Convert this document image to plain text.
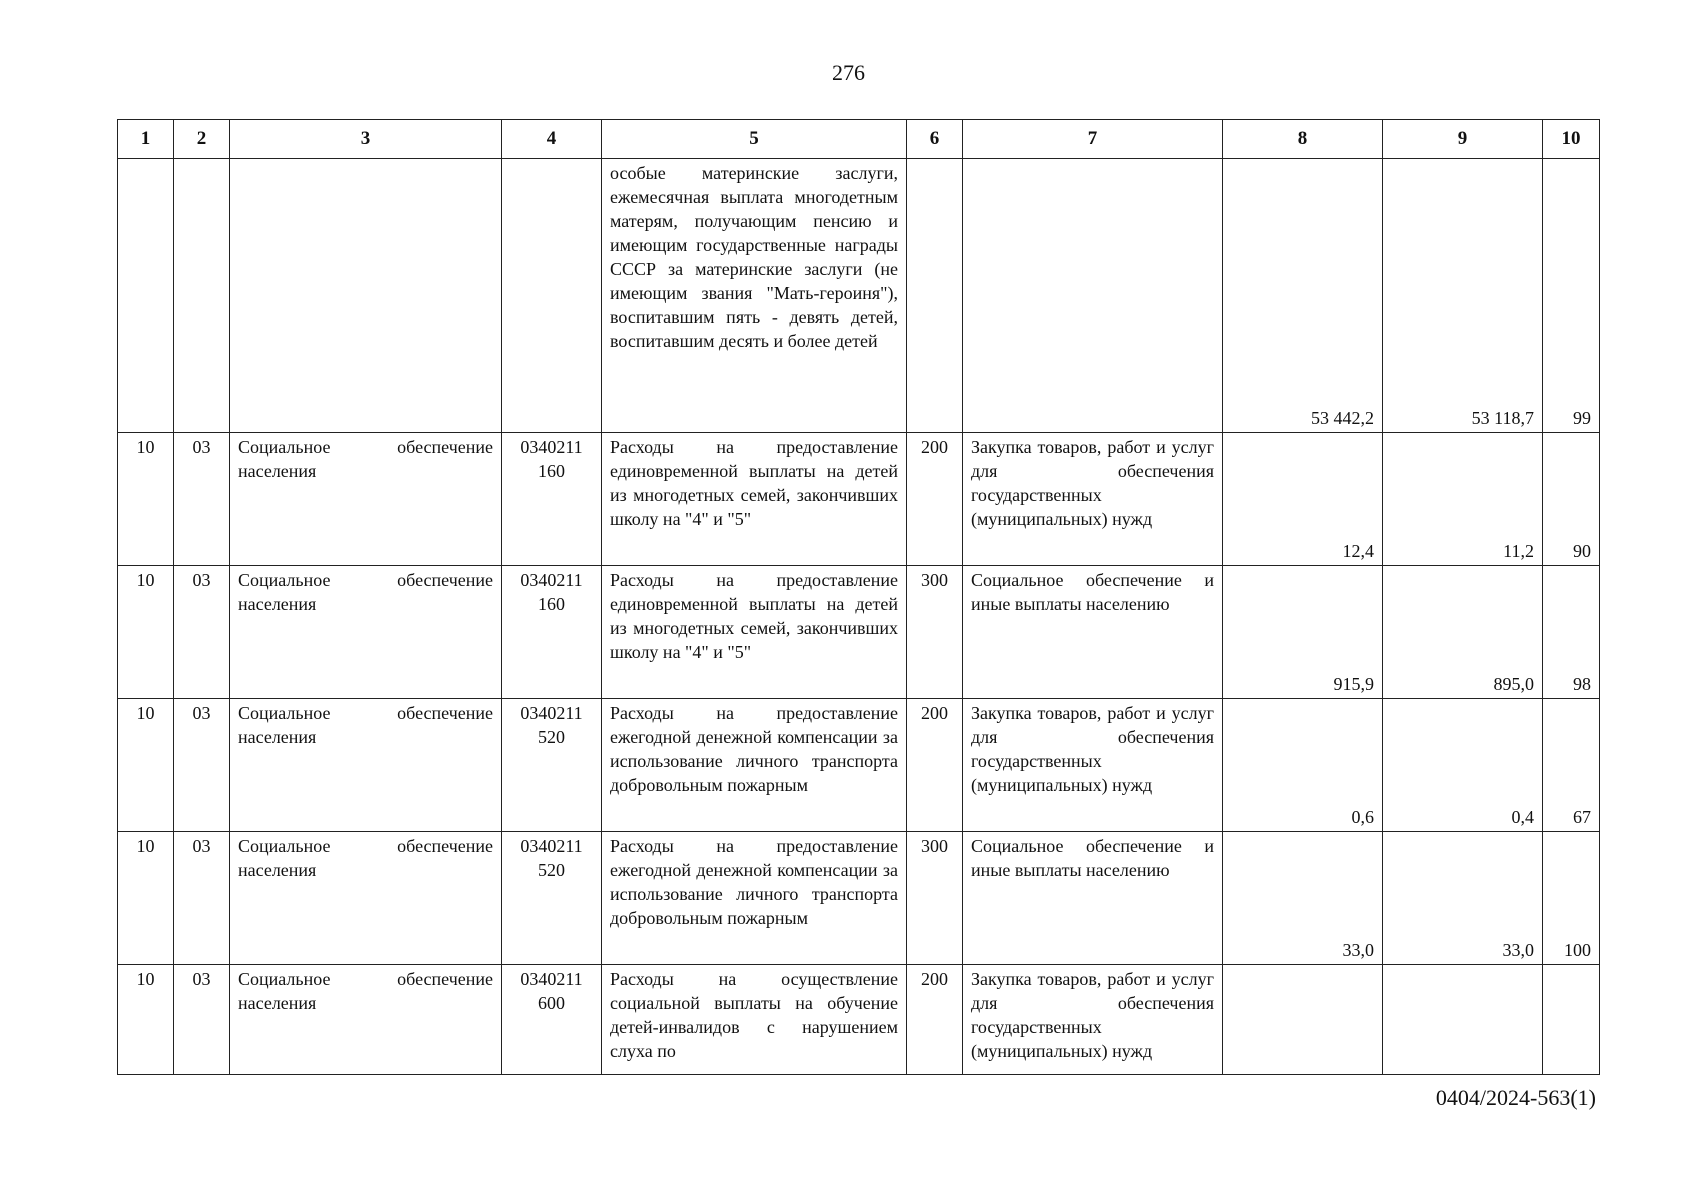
276
1	2	3	4	5	6	7	8	9	10
				особые материнские заслуги, ежемесячная выплата многодетным матерям, получающим пенсию и имеющим государственные награды СССР за материнские заслуги (не имеющим звания "Мать-героиня"), воспитавшим пять - девять детей, воспитавшим десять и более детей			53 442,2	53 118,7	99
10	03	Социальное обеспечение населения	0340211 160	Расходы на предоставление единовременной выплаты на детей из многодетных семей, закончивших школу на "4" и "5"	200	Закупка товаров, работ и услуг для обеспечения государственных (муниципальных) нужд	12,4	11,2	90
10	03	Социальное обеспечение населения	0340211 160	Расходы на предоставление единовременной выплаты на детей из многодетных семей, закончивших школу на "4" и "5"	300	Социальное обеспечение и иные выплаты населению	915,9	895,0	98
10	03	Социальное обеспечение населения	0340211 520	Расходы на предоставление ежегодной денежной компенсации за использование личного транспорта добровольным пожарным	200	Закупка товаров, работ и услуг для обеспечения государственных (муниципальных) нужд	0,6	0,4	67
10	03	Социальное обеспечение населения	0340211 520	Расходы на предоставление ежегодной денежной компенсации за использование личного транспорта добровольным пожарным	300	Социальное обеспечение и иные выплаты населению	33,0	33,0	100
10	03	Социальное обеспечение населения	0340211 600	Расходы на осуществление социальной выплаты на обучение детей-инвалидов с нарушением слуха по	200	Закупка товаров, работ и услуг для обеспечения государственных (муниципальных) нужд			
0404/2024-563(1)
